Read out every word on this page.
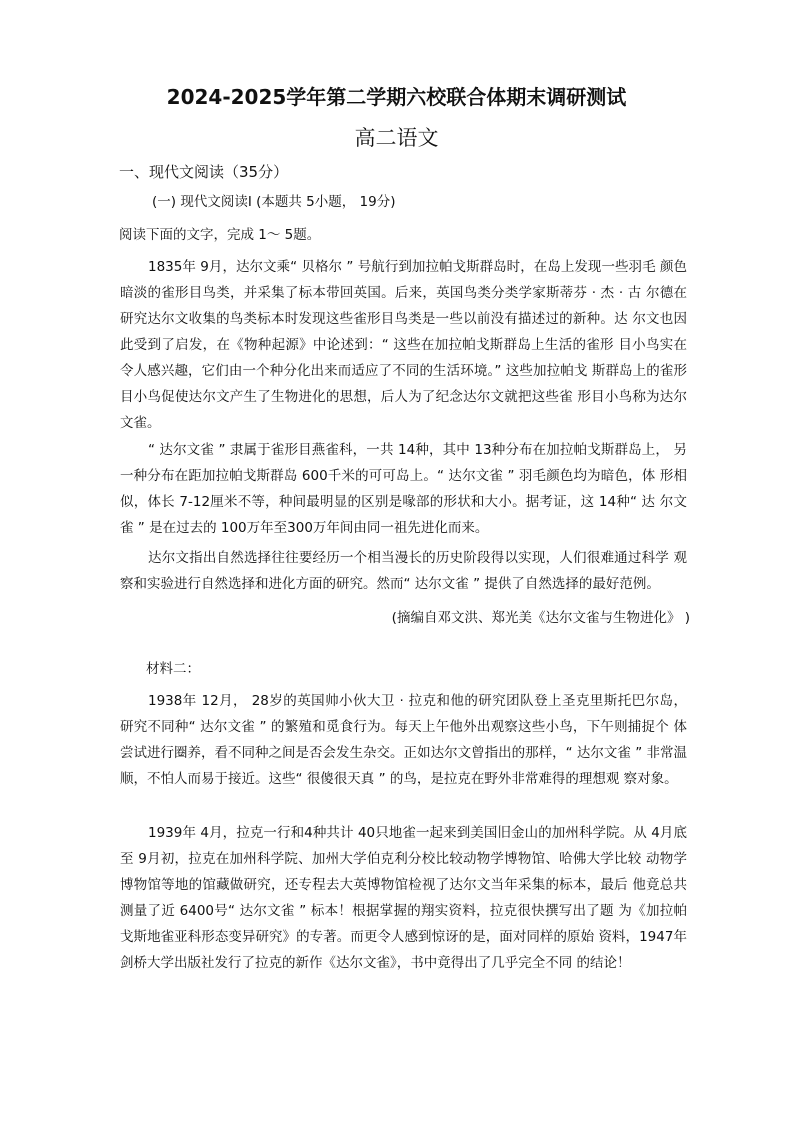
2024-2025学年第二学期六校联合体期末调研测试
高二语文

一、现代文阅读（35分）

(一) 现代文阅读Ⅰ (本题共 5小题， 19分)

阅读下面的文字，完成 1～ 5题。

1835年 9月，达尔文乘“ 贝格尔 ” 号航行到加拉帕戈斯群岛时，在岛上发现一些羽毛 颜色暗淡的雀形目鸟类，并采集了标本带回英国。后来，英国鸟类分类学家斯蒂芬 · 杰 · 古 尔德在研究达尔文收集的鸟类标本时发现这些雀形目鸟类是一些以前没有描述过的新种。达 尔文也因此受到了启发，在《物种起源》中论述到：“ 这些在加拉帕戈斯群岛上生活的雀形 目小鸟实在令人感兴趣，它们由一个种分化出来而适应了不同的生活环境。” 这些加拉帕戈 斯群岛上的雀形目小鸟促使达尔文产生了生物进化的思想，后人为了纪念达尔文就把这些雀 形目小鸟称为达尔文雀。

“ 达尔文雀 ” 隶属于雀形目燕雀科，一共 14种，其中 13种分布在加拉帕戈斯群岛上， 另一种分布在距加拉帕戈斯群岛 600千米的可可岛上。“ 达尔文雀 ” 羽毛颜色均为暗色，体 形相似，体长 7-12厘米不等，种间最明显的区别是喙部的形状和大小。据考证，这 14种“ 达 尔文雀 ” 是在过去的 100万年至300万年间由同一祖先进化而来。

达尔文指出自然选择往往要经历一个相当漫长的历史阶段得以实现，人们很难通过科学 观察和实验进行自然选择和进化方面的研究。然而“ 达尔文雀 ” 提供了自然选择的最好范例。

(摘编自邓文洪、郑光美《达尔文雀与生物进化》 )

材料二：

1938年 12月， 28岁的英国帅小伙大卫 · 拉克和他的研究团队登上圣克里斯托巴尔岛， 研究不同种“ 达尔文雀 ” 的繁殖和觅食行为。每天上午他外出观察这些小鸟，下午则捕捉个 体尝试进行圈养，看不同种之间是否会发生杂交。正如达尔文曾指出的那样，“ 达尔文雀 ” 非常温顺，不怕人而易于接近。这些“ 很傻很天真 ” 的鸟，是拉克在野外非常难得的理想观 察对象。

1939年 4月，拉克一行和4种共计 40只地雀一起来到美国旧金山的加州科学院。从 4月底至 9月初，拉克在加州科学院、加州大学伯克利分校比较动物学博物馆、哈佛大学比较 动物学博物馆等地的馆藏做研究，还专程去大英博物馆检视了达尔文当年采集的标本，最后 他竟总共测量了近 6400号“ 达尔文雀 ” 标本！根据掌握的翔实资料，拉克很快撰写出了题 为《加拉帕戈斯地雀亚科形态变异研究》的专著。而更令人感到惊讶的是，面对同样的原始 资料，1947年剑桥大学出版社发行了拉克的新作《达尔文雀》，书中竟得出了几乎完全不同 的结论！
